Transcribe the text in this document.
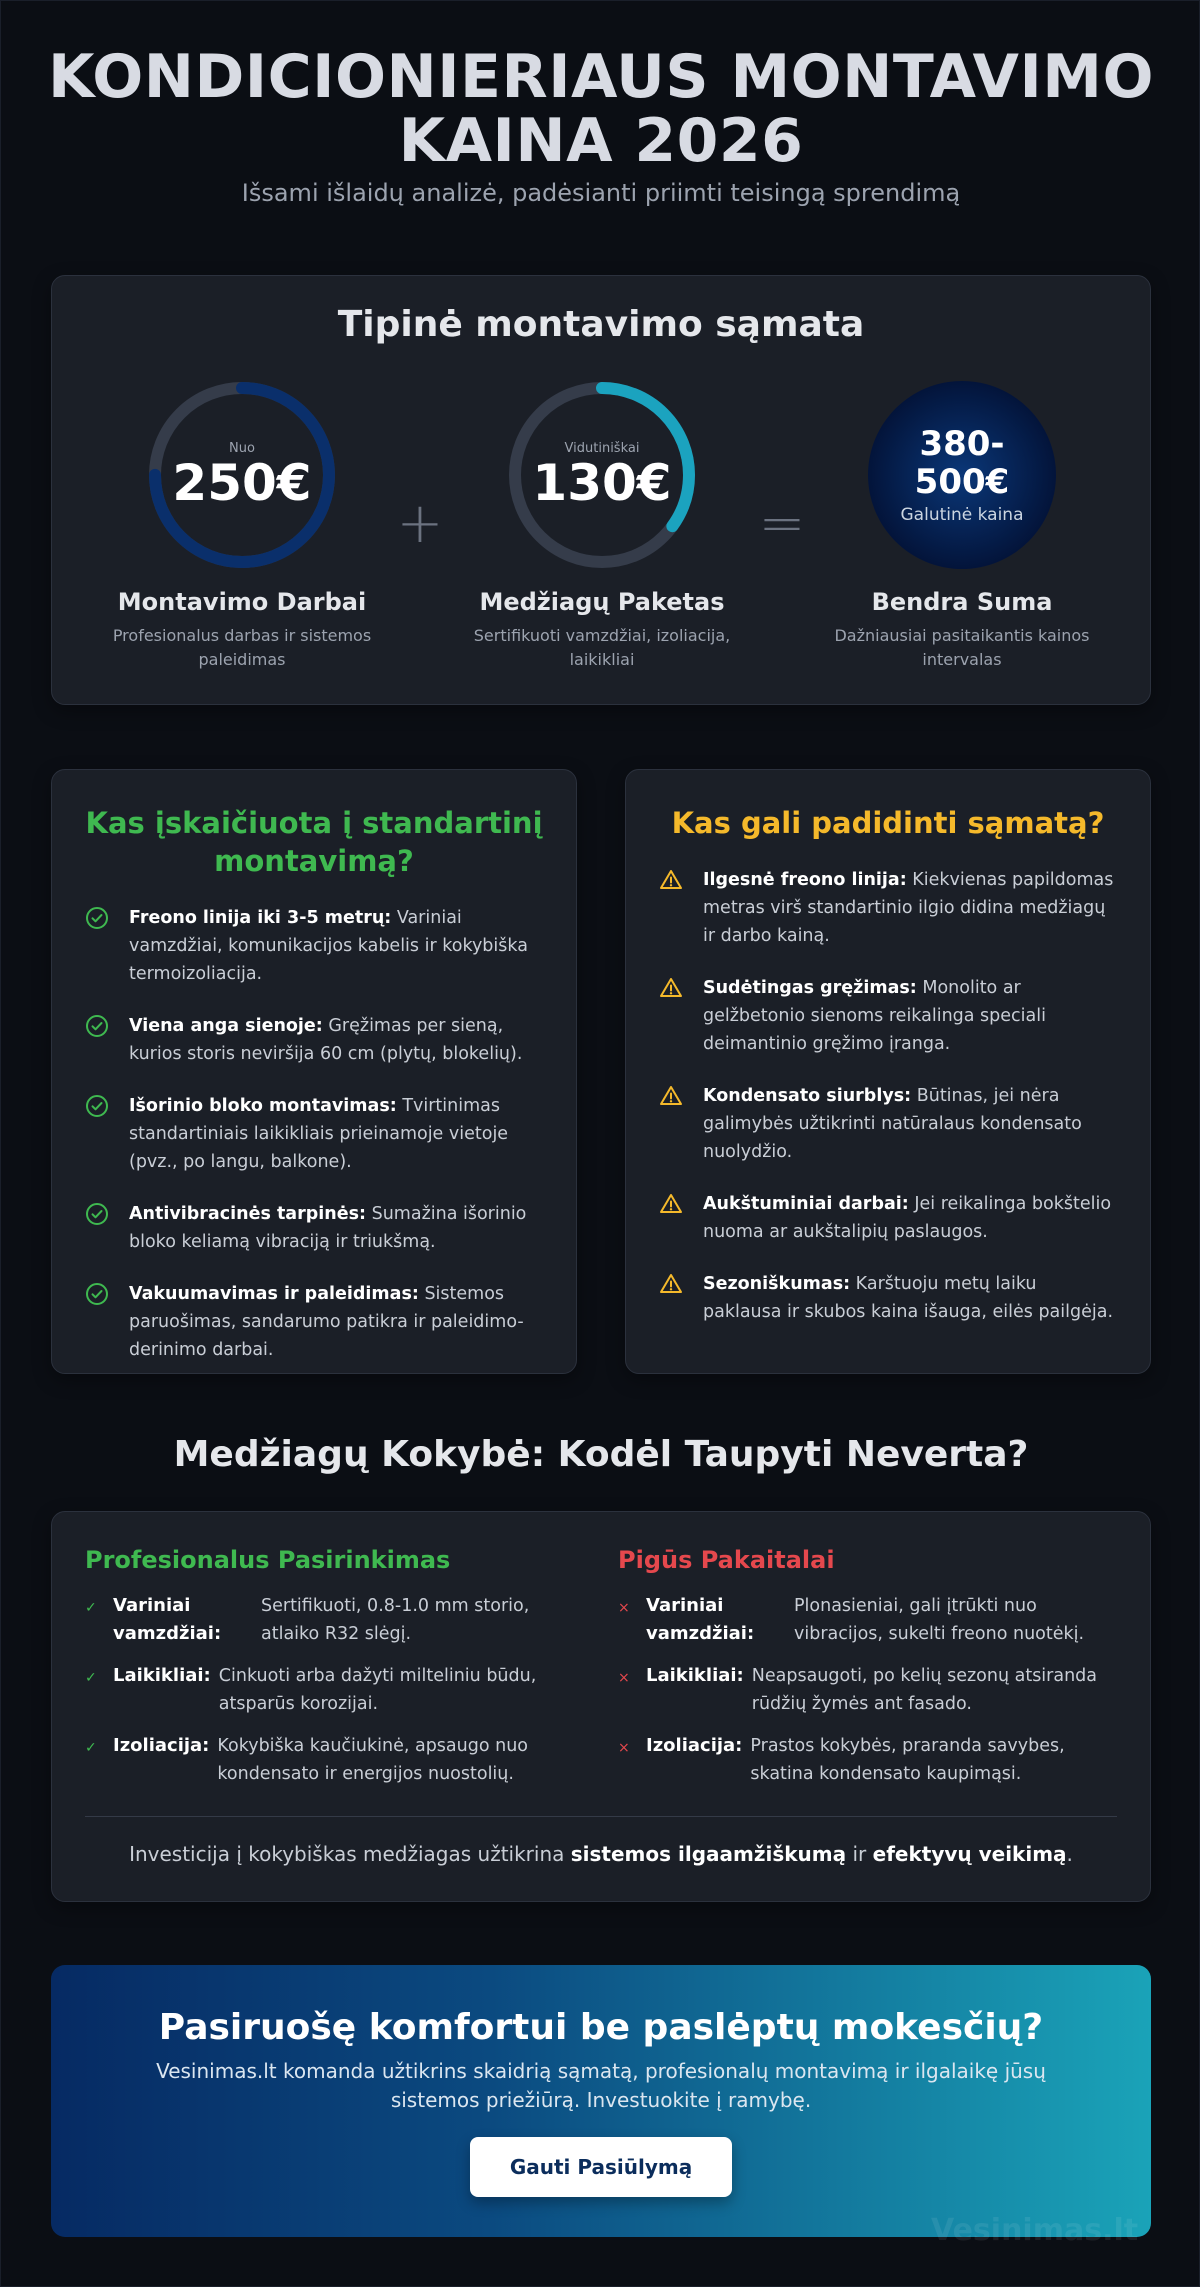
KONDICIONIERIAUS MONTAVIMO
KAINA 2026
Išsami išlaidų analizė, padėsianti priimti teisingą sprendimą
Tipinė montavimo sąmata
Nuo
250€
Montavimo Darbai
Profesionalus darbas ir sistemos paleidimas
+
Vidutiniškai
130€
Medžiagų Paketas
Sertifikuoti vamzdžiai, izoliacija, laikikliai
=
380-
500€
Galutinė kaina
Bendra Suma
Dažniausiai pasitaikantis kainos intervalas
Kas įskaičiuota į standartinį montavimą?
Freono linija iki 3-5 metrų: Variniai vamzdžiai, komunikacijos kabelis ir kokybiška termoizoliacija.
Viena anga sienoje: Gręžimas per sieną, kurios storis neviršija 60 cm (plytų, blokelių).
Išorinio bloko montavimas: Tvirtinimas standartiniais laikikliais prieinamoje vietoje (pvz., po langu, balkone).
Antivibracinės tarpinės: Sumažina išorinio bloko keliamą vibraciją ir triukšmą.
Vakuumavimas ir paleidimas: Sistemos paruošimas, sandarumo patikra ir paleidimo-derinimo darbai.
Kas gali padidinti sąmatą?
Ilgesnė freono linija: Kiekvienas papildomas metras virš standartinio ilgio didina medžiagų ir darbo kainą.
Sudėtingas gręžimas: Monolito ar gelžbetonio sienoms reikalinga speciali deimantinio gręžimo įranga.
Kondensato siurblys: Būtinas, jei nėra galimybės užtikrinti natūralaus kondensato nuolydžio.
Aukštuminiai darbai: Jei reikalinga bokštelio nuoma ar aukštalipių paslaugos.
Sezoniškumas: Karštuoju metų laiku paklausa ir skubos kaina išauga, eilės pailgėja.
Medžiagų Kokybė: Kodėl Taupyti Neverta?
Profesionalus Pasirinkimas
✓ Variniai vamzdžiai:
Sertifikuoti, 0.8-1.0 mm storio, atlaiko R32 slėgį.
✓ Laikikliai: Cinkuoti arba dažyti milteliniu būdu, atsparūs korozijai.
✓ Izoliacija: Kokybiška kaučiukinė, apsaugo nuo kondensato ir energijos nuostolių.
Pigūs Pakaitalai
× Variniai vamzdžiai:
Plonasieniai, gali įtrūkti nuo vibracijos, sukelti freono nuotėkį.
× Laikikliai: Neapsaugoti, po kelių sezonų atsiranda rūdžių žymės ant fasado.
× Izoliacija: Prastos kokybės, praranda savybes, skatina kondensato kaupimąsi.
Investicija į kokybiškas medžiagas užtikrina sistemos ilgaamžiškumą ir efektyvų veikimą.
Pasiruošę komfortui be paslėptų mokesčių?
Vesinimas.lt komanda užtikrins skaidrią sąmatą, profesionalų montavimą ir ilgalaikę jūsų sistemos priežiūrą. Investuokite į ramybę.
Gauti Pasiūlymą
Vesinimas.lt
